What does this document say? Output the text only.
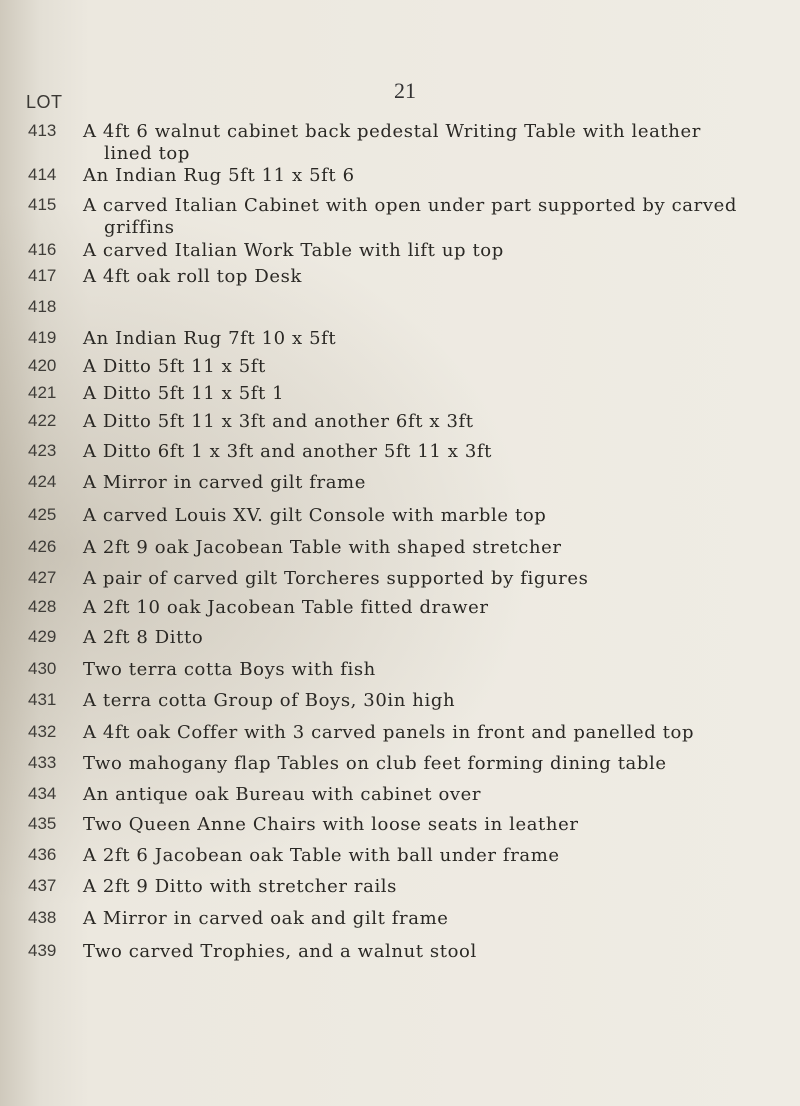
21
LOT
413	A 4ft 6 walnut cabinet back pedestal Writing Table with leather
lined top
414	An Indian Rug 5ft 11 x 5ft 6
415	A carved Italian Cabinet with open under part supported by carved
griffins
416	A carved Italian Work Table with lift up top
417	A 4ft oak roll top Desk
418
419	An Indian Rug 7ft 10 x 5ft
420	A Ditto 5ft 11 x 5ft
421	A Ditto 5ft 11 x 5ft 1
422	A Ditto 5ft 11 x 3ft and another 6ft x 3ft
423	A Ditto 6ft 1 x 3ft and another 5ft 11 x 3ft
424	A Mirror in carved gilt frame
425	A carved Louis XV. gilt Console with marble top
426	A 2ft 9 oak Jacobean Table with shaped stretcher
427	A pair of carved gilt Torcheres supported by figures
428	A 2ft 10 oak Jacobean Table fitted drawer
429	A 2ft 8 Ditto
430	Two terra cotta Boys with fish
431	A terra cotta Group of Boys, 30in high
432	A 4ft oak Coffer with 3 carved panels in front and panelled top
433	Two mahogany flap Tables on club feet forming dining table
434	An antique oak Bureau with cabinet over
435	Two Queen Anne Chairs with loose seats in leather
436	A 2ft 6 Jacobean oak Table with ball under frame
437	A 2ft 9 Ditto with stretcher rails
438	A Mirror in carved oak and gilt frame
439	Two carved Trophies, and a walnut stool
